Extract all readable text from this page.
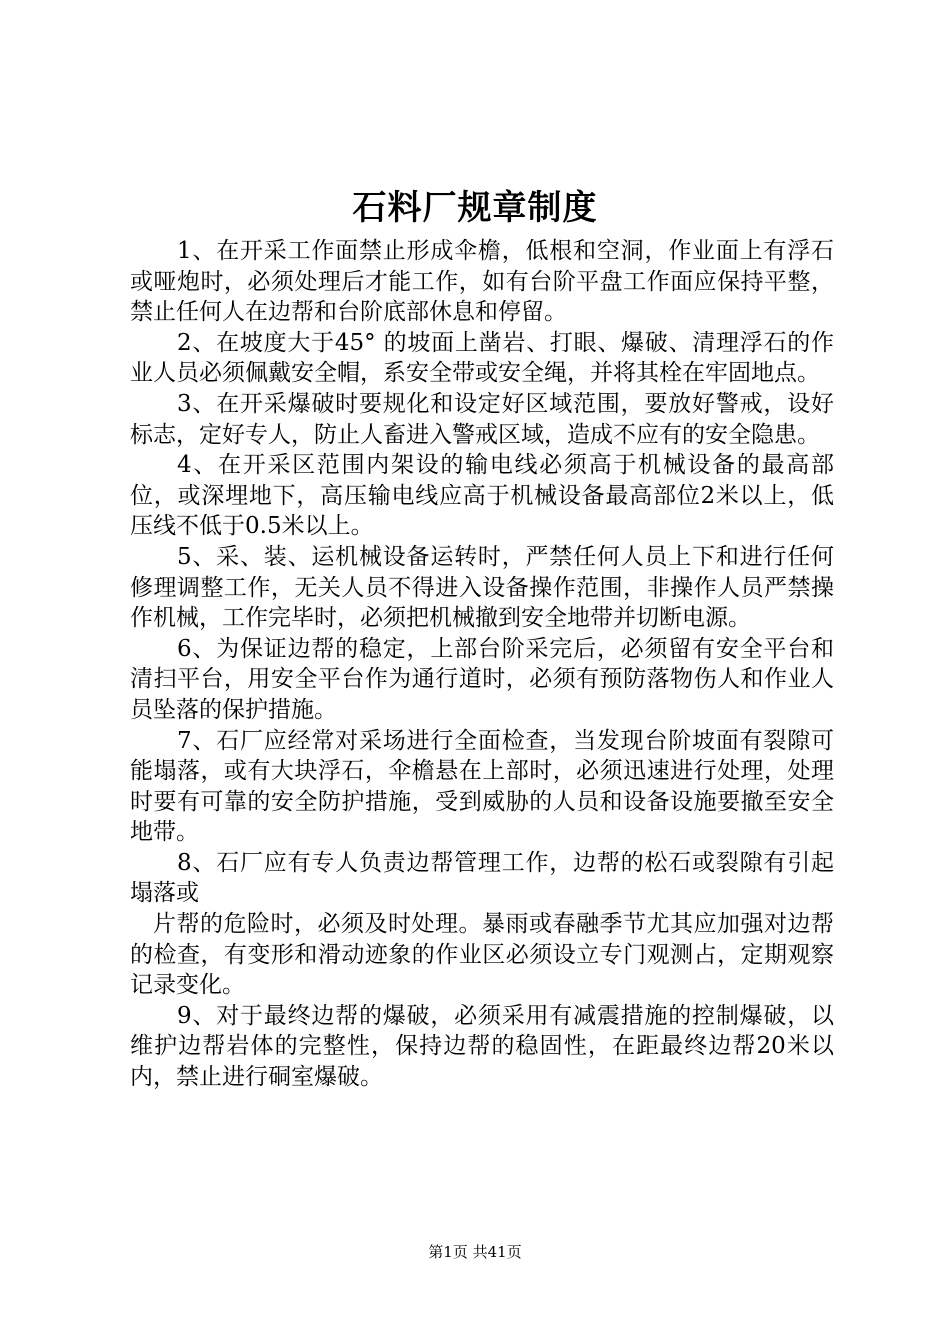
石料厂规章制度

1、在开采工作面禁止形成伞檐，低根和空洞，作业面上有浮石或哑炮时，必须处理后才能工作，如有台阶平盘工作面应保持平整，禁止任何人在边帮和台阶底部休息和停留。

2、在坡度大于45° 的坡面上凿岩、打眼、爆破、清理浮石的作业人员必须佩戴安全帽，系安全带或安全绳，并将其栓在牢固地点。

3、在开采爆破时要规化和设定好区域范围，要放好警戒，设好标志，定好专人，防止人畜进入警戒区域，造成不应有的安全隐患。

4、在开采区范围内架设的输电线必须高于机械设备的最高部位，或深埋地下，高压输电线应高于机械设备最高部位2米以上，低压线不低于0.5米以上。

5、采、装、运机械设备运转时，严禁任何人员上下和进行任何修理调整工作，无关人员不得进入设备操作范围，非操作人员严禁操作机械，工作完毕时，必须把机械撤到安全地带并切断电源。

6、为保证边帮的稳定，上部台阶采完后，必须留有安全平台和清扫平台，用安全平台作为通行道时，必须有预防落物伤人和作业人员坠落的保护措施。

7、石厂应经常对采场进行全面检查，当发现台阶坡面有裂隙可能塌落，或有大块浮石，伞檐悬在上部时，必须迅速进行处理，处理时要有可靠的安全防护措施，受到威胁的人员和设备设施要撤至安全地带。

8、石厂应有专人负责边帮管理工作，边帮的松石或裂隙有引起塌落或

片帮的危险时，必须及时处理。暴雨或春融季节尤其应加强对边帮的检查，有变形和滑动迹象的作业区必须设立专门观测占，定期观察记录变化。

9、对于最终边帮的爆破，必须采用有减震措施的控制爆破，以维护边帮岩体的完整性，保持边帮的稳固性，在距最终边帮20米以内，禁止进行硐室爆破。

第1页 共41页
